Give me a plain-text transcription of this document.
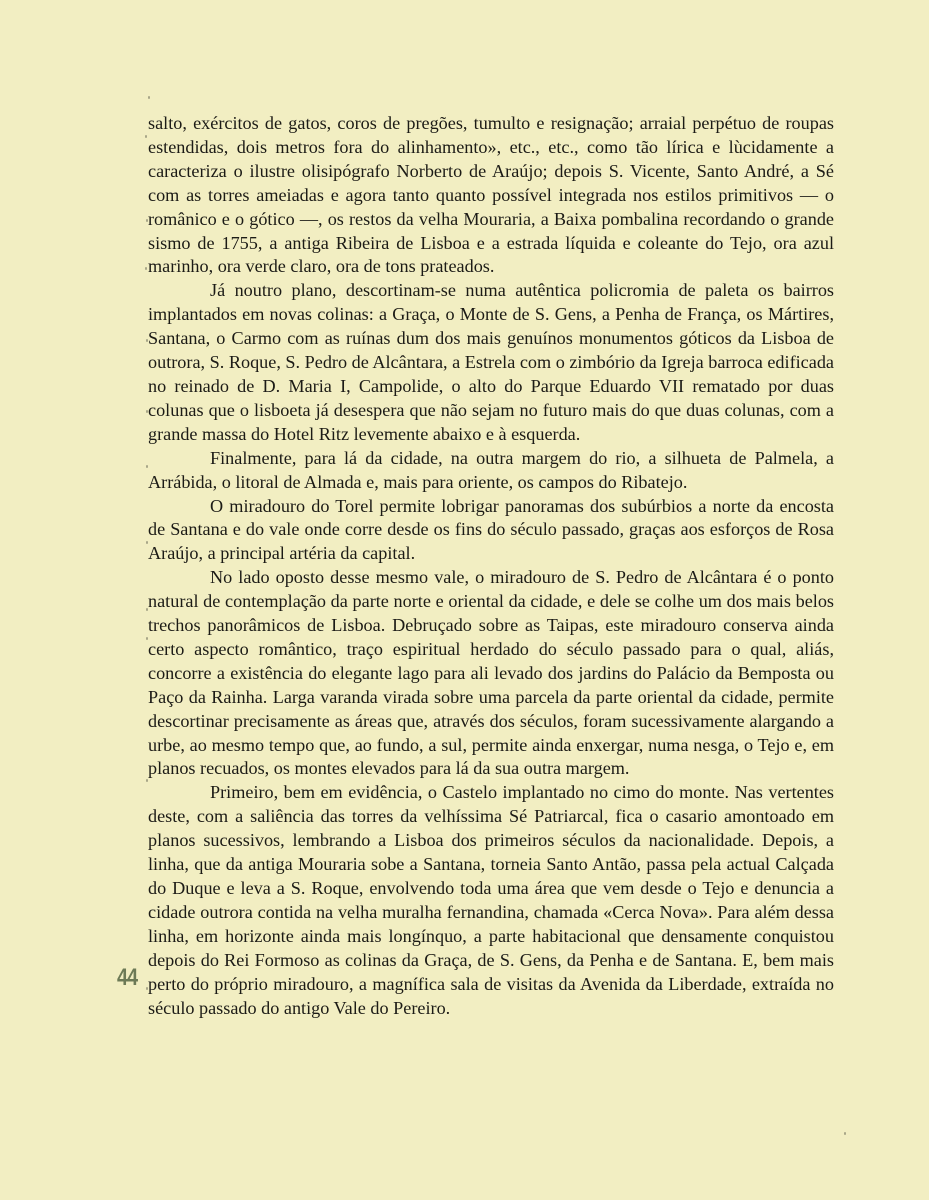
salto, exércitos de gatos, coros de pregões, tumulto e resignação; arraial perpétuo de roupas estendidas, dois metros fora do alinhamento», etc., etc., como tão lírica e lùcidamente a caracteriza o ilustre olisipógrafo Norberto de Araújo; depois S. Vicente, Santo André, a Sé com as torres ameiadas e agora tanto quanto possível integrada nos estilos primitivos — o românico e o gótico —, os restos da velha Mouraria, a Baixa pombalina recordando o grande sismo de 1755, a antiga Ribeira de Lisboa e a estrada líquida e coleante do Tejo, ora azul marinho, ora verde claro, ora de tons prateados.

Já noutro plano, descortinam-se numa autêntica policromia de paleta os bairros implantados em novas colinas: a Graça, o Monte de S. Gens, a Penha de França, os Mártires, Santana, o Carmo com as ruínas dum dos mais genuínos monumentos góticos da Lisboa de outrora, S. Roque, S. Pedro de Alcântara, a Estrela com o zimbório da Igreja barroca edificada no reinado de D. Maria I, Campolide, o alto do Parque Eduardo VII rematado por duas colunas que o lisboeta já desespera que não sejam no futuro mais do que duas colunas, com a grande massa do Hotel Ritz levemente abaixo e à esquerda.

Finalmente, para lá da cidade, na outra margem do rio, a silhueta de Palmela, a Arrábida, o litoral de Almada e, mais para oriente, os campos do Ribatejo.

O miradouro do Torel permite lobrigar panoramas dos subúrbios a norte da encosta de Santana e do vale onde corre desde os fins do século passado, graças aos esforços de Rosa Araújo, a principal artéria da capital.

No lado oposto desse mesmo vale, o miradouro de S. Pedro de Alcântara é o ponto natural de contemplação da parte norte e oriental da cidade, e dele se colhe um dos mais belos trechos panorâmicos de Lisboa. Debruçado sobre as Taipas, este miradouro conserva ainda certo aspecto romântico, traço espiritual herdado do século passado para o qual, aliás, concorre a existência do elegante lago para ali levado dos jardins do Palácio da Bemposta ou Paço da Rainha. Larga varanda virada sobre uma parcela da parte oriental da cidade, permite descortinar precisamente as áreas que, através dos séculos, foram sucessivamente alargando a urbe, ao mesmo tempo que, ao fundo, a sul, permite ainda enxergar, numa nesga, o Tejo e, em planos recuados, os montes elevados para lá da sua outra margem.

Primeiro, bem em evidência, o Castelo implantado no cimo do monte. Nas vertentes deste, com a saliência das torres da velhíssima Sé Patriarcal, fica o casario amontoado em planos sucessivos, lembrando a Lisboa dos primeiros séculos da nacionalidade. Depois, a linha, que da antiga Mouraria sobe a Santana, torneia Santo Antão, passa pela actual Calçada do Duque e leva a S. Roque, envolvendo toda uma área que vem desde o Tejo e denuncia a cidade outrora contida na velha muralha fernandina, chamada «Cerca Nova». Para além dessa linha, em horizonte ainda mais longínquo, a parte habitacional que densamente conquistou depois do Rei Formoso as colinas da Graça, de S. Gens, da Penha e de Santana. E, bem mais perto do próprio miradouro, a magnífica sala de visitas da Avenida da Liberdade, extraída no século passado do antigo Vale do Pereiro.

44
